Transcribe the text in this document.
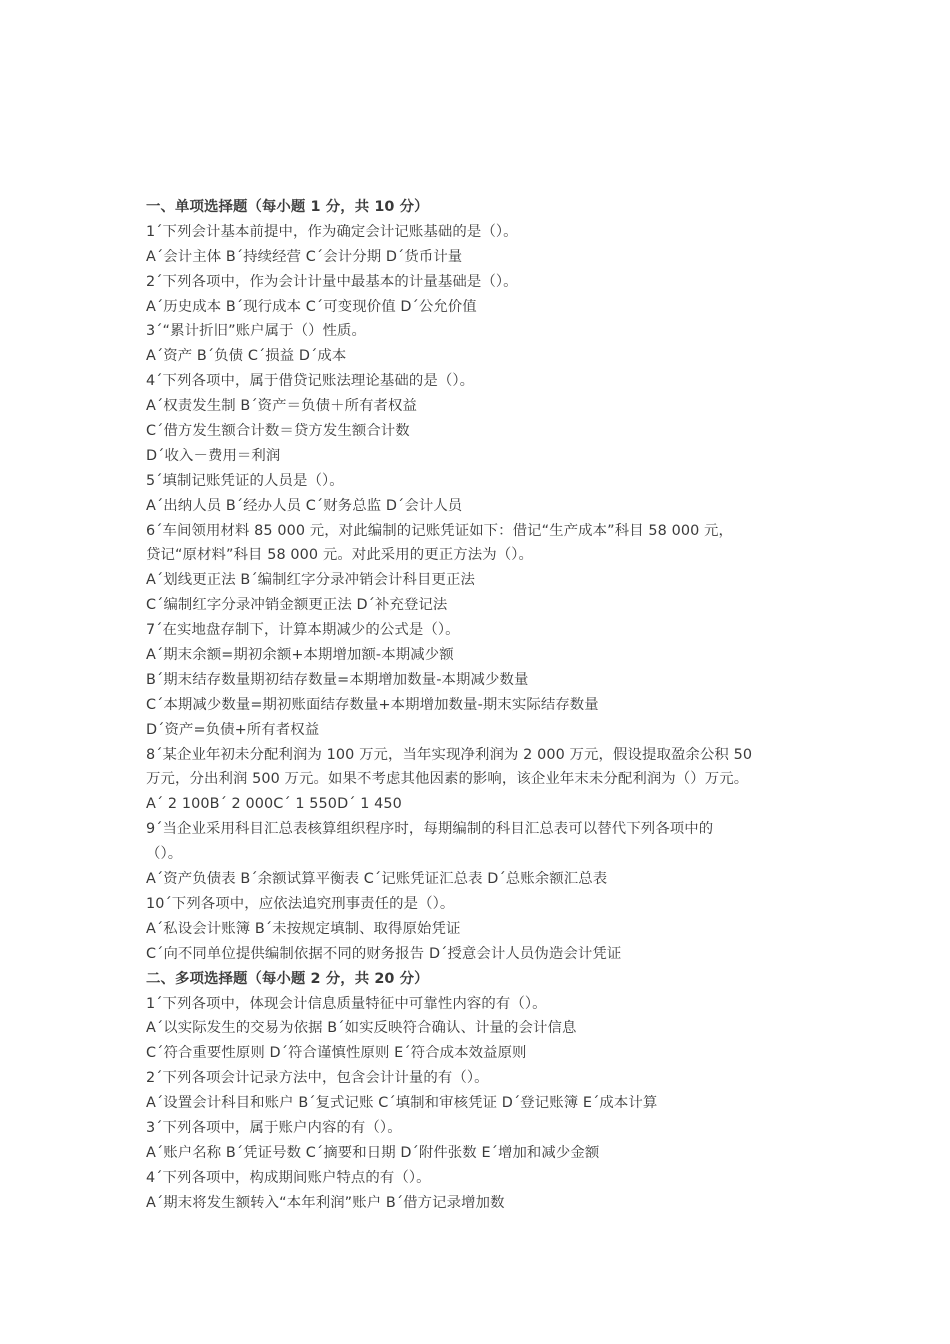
一、单项选择题（每小题 1 分，共 10 分）
1ˊ下列会计基本前提中，作为确定会计记账基础的是（）。
Aˊ会计主体 Bˊ持续经营 Cˊ会计分期 Dˊ货币计量
2ˊ下列各项中，作为会计计量中最基本的计量基础是（）。
Aˊ历史成本 Bˊ现行成本 Cˊ可变现价值 Dˊ公允价值
3ˊ“累计折旧”账户属于（）性质。
Aˊ资产 Bˊ负债 Cˊ损益 Dˊ成本
4ˊ下列各项中，属于借贷记账法理论基础的是（）。
Aˊ权责发生制 Bˊ资产＝负债＋所有者权益
Cˊ借方发生额合计数＝贷方发生额合计数
Dˊ收入－费用＝利润
5ˊ填制记账凭证的人员是（）。
Aˊ出纳人员 Bˊ经办人员 Cˊ财务总监 Dˊ会计人员
6ˊ车间领用材料 85 000 元，对此编制的记账凭证如下：借记“生产成本”科目 58 000 元，
贷记“原材料”科目 58 000 元。对此采用的更正方法为（）。
Aˊ划线更正法 Bˊ编制红字分录冲销会计科目更正法
Cˊ编制红字分录冲销金额更正法 Dˊ补充登记法
7ˊ在实地盘存制下，计算本期减少的公式是（）。
Aˊ期末余额=期初余额+本期增加额-本期减少额
Bˊ期末结存数量期初结存数量=本期增加数量-本期减少数量
Cˊ本期减少数量=期初账面结存数量+本期增加数量-期末实际结存数量
Dˊ资产=负债+所有者权益
8ˊ某企业年初未分配利润为 100 万元，当年实现净利润为 2 000 万元，假设提取盈余公积 50
万元，分出利润 500 万元。如果不考虑其他因素的影响，该企业年末未分配利润为（）万元。
Aˊ 2 100Bˊ 2 000Cˊ 1 550Dˊ 1 450
9ˊ当企业采用科目汇总表核算组织程序时，每期编制的科目汇总表可以替代下列各项中的
（）。
Aˊ资产负债表 Bˊ余额试算平衡表 Cˊ记账凭证汇总表 Dˊ总账余额汇总表
10ˊ下列各项中，应依法追究刑事责任的是（）。
Aˊ私设会计账簿 Bˊ未按规定填制、取得原始凭证
Cˊ向不同单位提供编制依据不同的财务报告 Dˊ授意会计人员伪造会计凭证
二、多项选择题（每小题 2 分，共 20 分）
1ˊ下列各项中，体现会计信息质量特征中可靠性内容的有（）。
Aˊ以实际发生的交易为依据 Bˊ如实反映符合确认、计量的会计信息
Cˊ符合重要性原则 Dˊ符合谨慎性原则 Eˊ符合成本效益原则
2ˊ下列各项会计记录方法中，包含会计计量的有（）。
Aˊ设置会计科目和账户 Bˊ复式记账 Cˊ填制和审核凭证 Dˊ登记账簿 Eˊ成本计算
3ˊ下列各项中，属于账户内容的有（）。
Aˊ账户名称 Bˊ凭证号数 Cˊ摘要和日期 Dˊ附件张数 Eˊ增加和减少金额
4ˊ下列各项中，构成期间账户特点的有（）。
Aˊ期末将发生额转入“本年利润”账户 Bˊ借方记录增加数
